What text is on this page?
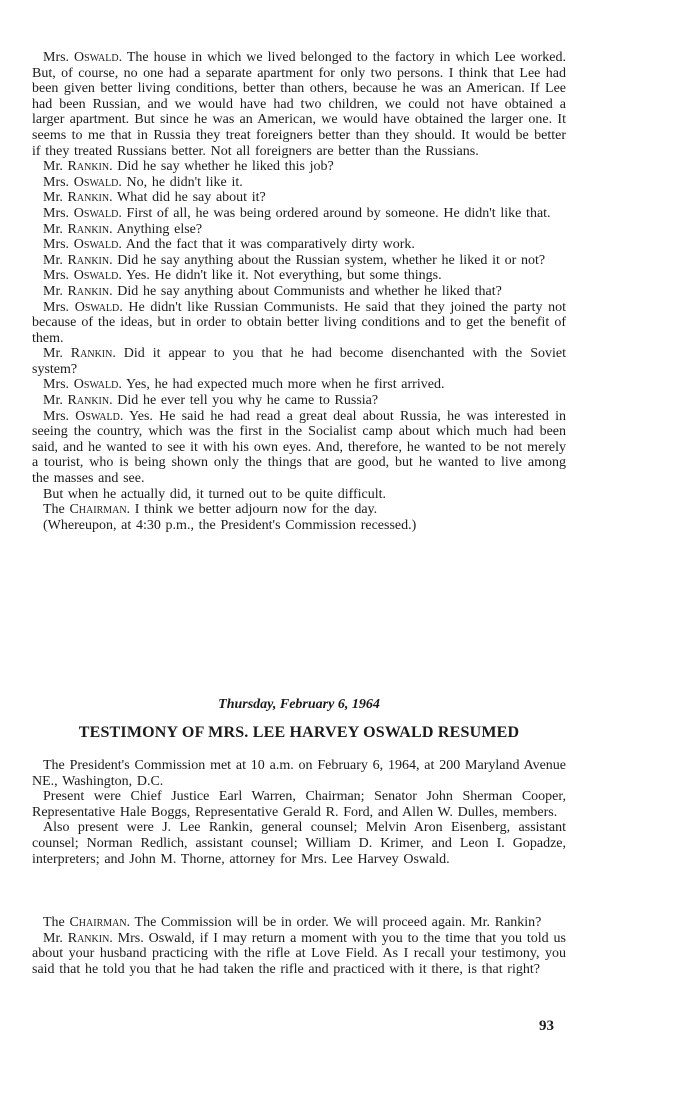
Mrs. Oswald. The house in which we lived belonged to the factory in which Lee worked. But, of course, no one had a separate apartment for only two persons. I think that Lee had been given better living conditions, better than others, because he was an American. If Lee had been Russian, and we would have had two children, we could not have obtained a larger apartment. But since he was an American, we would have obtained the larger one. It seems to me that in Russia they treat foreigners better than they should. It would be better if they treated Russians better. Not all foreigners are better than the Russians.

Mr. Rankin. Did he say whether he liked this job?

Mrs. Oswald. No, he didn't like it.

Mr. Rankin. What did he say about it?

Mrs. Oswald. First of all, he was being ordered around by someone. He didn't like that.

Mr. Rankin. Anything else?

Mrs. Oswald. And the fact that it was comparatively dirty work.

Mr. Rankin. Did he say anything about the Russian system, whether he liked it or not?

Mrs. Oswald. Yes. He didn't like it. Not everything, but some things.

Mr. Rankin. Did he say anything about Communists and whether he liked that?

Mrs. Oswald. He didn't like Russian Communists. He said that they joined the party not because of the ideas, but in order to obtain better living conditions and to get the benefit of them.

Mr. Rankin. Did it appear to you that he had become disenchanted with the Soviet system?

Mrs. Oswald. Yes, he had expected much more when he first arrived.

Mr. Rankin. Did he ever tell you why he came to Russia?

Mrs. Oswald. Yes. He said he had read a great deal about Russia, he was interested in seeing the country, which was the first in the Socialist camp about which much had been said, and he wanted to see it with his own eyes. And, therefore, he wanted to be not merely a tourist, who is being shown only the things that are good, but he wanted to live among the masses and see.

But when he actually did, it turned out to be quite difficult.

The Chairman. I think we better adjourn now for the day.

(Whereupon, at 4:30 p.m., the President's Commission recessed.)

Thursday, February 6, 1964
TESTIMONY OF MRS. LEE HARVEY OSWALD RESUMED

The President's Commission met at 10 a.m. on February 6, 1964, at 200 Maryland Avenue NE., Washington, D.C.

Present were Chief Justice Earl Warren, Chairman; Senator John Sherman Cooper, Representative Hale Boggs, Representative Gerald R. Ford, and Allen W. Dulles, members.

Also present were J. Lee Rankin, general counsel; Melvin Aron Eisenberg, assistant counsel; Norman Redlich, assistant counsel; William D. Krimer, and Leon I. Gopadze, interpreters; and John M. Thorne, attorney for Mrs. Lee Harvey Oswald.

The Chairman. The Commission will be in order. We will proceed again. Mr. Rankin?

Mr. Rankin. Mrs. Oswald, if I may return a moment with you to the time that you told us about your husband practicing with the rifle at Love Field. As I recall your testimony, you said that he told you that he had taken the rifle and practiced with it there, is that right?

93
